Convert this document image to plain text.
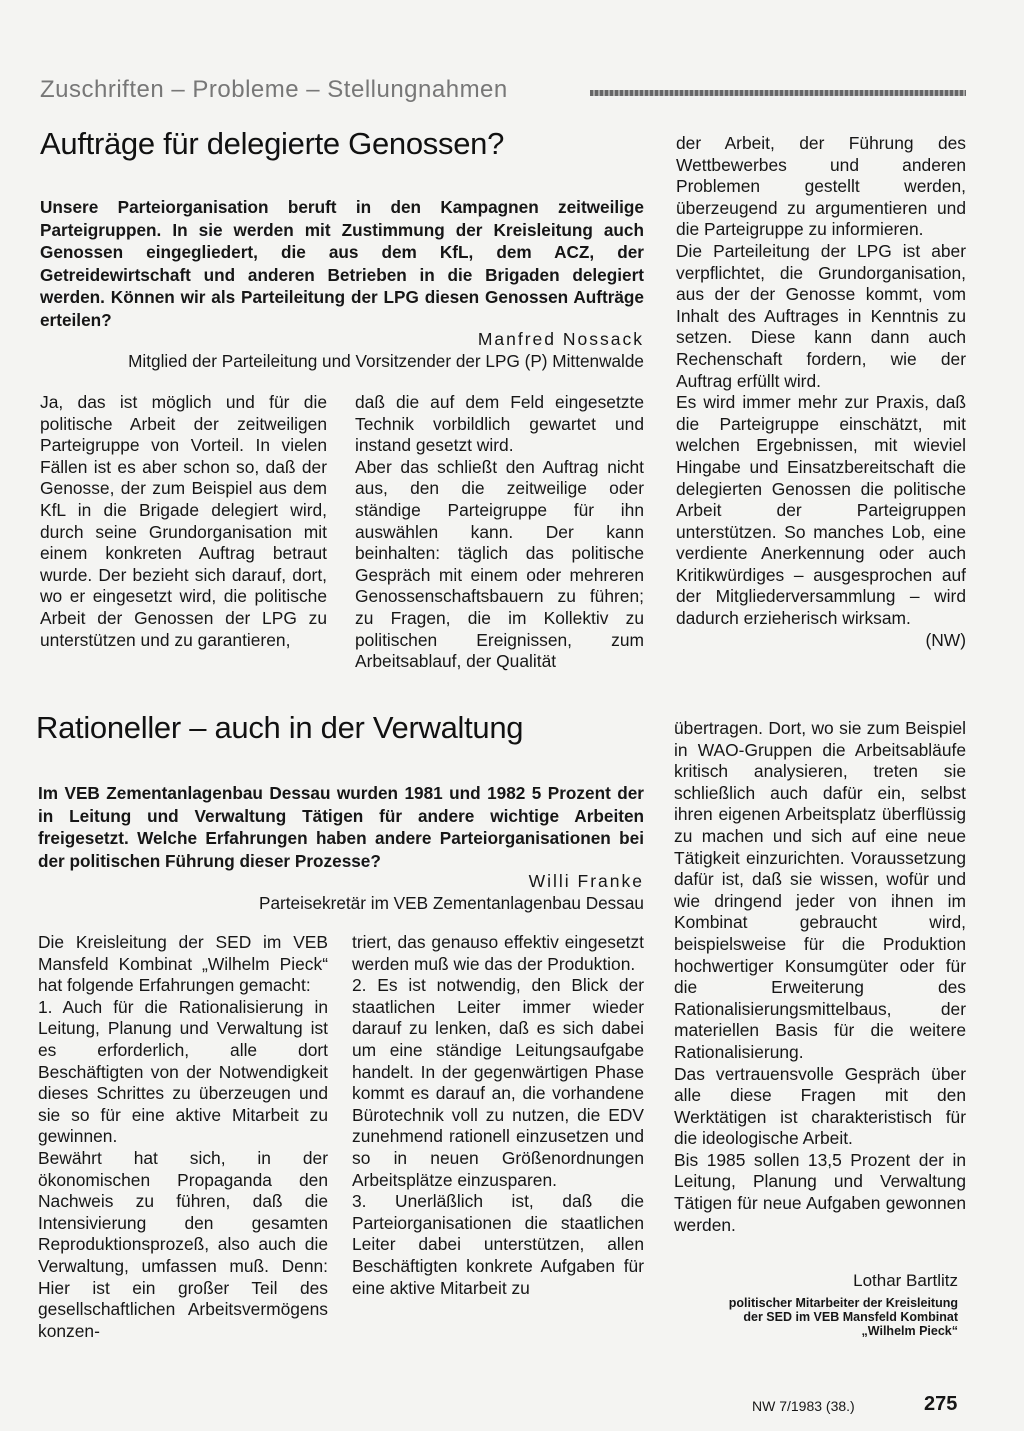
Zuschriften – Probleme – Stellungnahmen
Aufträge für delegierte Genossen?

Unsere Parteiorganisation beruft in den Kampagnen zeitweilige Parteigruppen. In sie werden mit Zustimmung der Kreisleitung auch Genossen eingegliedert, die aus dem KfL, dem ACZ, der Getreidewirtschaft und anderen Betrieben in die Brigaden delegiert werden. Können wir als Parteileitung der LPG diesen Genossen Aufträge erteilen?

Manfred Nossack
Mitglied der Parteileitung und Vorsitzender der LPG (P) Mittenwalde

Ja, das ist möglich und für die politische Arbeit der zeitweiligen Parteigruppe von Vorteil. In vielen Fällen ist es aber schon so, daß der Genosse, der zum Beispiel aus dem KfL in die Brigade delegiert wird, durch seine Grundorganisation mit einem konkreten Auftrag betraut wurde. Der bezieht sich darauf, dort, wo er eingesetzt wird, die politische Arbeit der Genossen der LPG zu unterstützen und zu garantieren,

daß die auf dem Feld eingesetzte Technik vorbildlich gewartet und instand gesetzt wird.

Aber das schließt den Auftrag nicht aus, den die zeitweilige oder ständige Parteigruppe für ihn auswählen kann. Der kann beinhalten: täglich das politische Gespräch mit einem oder mehreren Genossenschaftsbauern zu führen; zu Fragen, die im Kollektiv zu politischen Ereignissen, zum Arbeitsablauf, der Qualität

der Arbeit, der Führung des Wettbewerbes und anderen Problemen gestellt werden, überzeugend zu argumentieren und die Parteigruppe zu informieren.

Die Parteileitung der LPG ist aber verpflichtet, die Grundorganisation, aus der der Genosse kommt, vom Inhalt des Auftrages in Kenntnis zu setzen. Diese kann dann auch Rechenschaft fordern, wie der Auftrag erfüllt wird.

Es wird immer mehr zur Praxis, daß die Parteigruppe einschätzt, mit welchen Ergebnissen, mit wieviel Hingabe und Einsatzbereitschaft die delegierten Genossen die politische Arbeit der Parteigruppen unterstützen. So manches Lob, eine verdiente Anerkennung oder auch Kritikwürdiges – ausgesprochen auf der Mitgliederversammlung – wird dadurch erzieherisch wirksam.

(NW)
Rationeller – auch in der Verwaltung

Im VEB Zementanlagenbau Dessau wurden 1981 und 1982 5 Prozent der in Leitung und Verwaltung Tätigen für andere wichtige Arbeiten freigesetzt. Welche Erfahrungen haben andere Parteiorganisationen bei der politischen Führung dieser Prozesse?

Willi Franke
Parteisekretär im VEB Zementanlagenbau Dessau

Die Kreisleitung der SED im VEB Mansfeld Kombinat „Wilhelm Pieck“ hat folgende Erfahrungen gemacht:

1. Auch für die Rationalisierung in Leitung, Planung und Verwaltung ist es erforderlich, alle dort Beschäftigten von der Notwendigkeit dieses Schrittes zu überzeugen und sie so für eine aktive Mitarbeit zu gewinnen.

Bewährt hat sich, in der ökonomischen Propaganda den Nachweis zu führen, daß die Intensivierung den gesamten Reproduktionsprozeß, also auch die Verwaltung, umfassen muß. Denn: Hier ist ein großer Teil des gesellschaftlichen Arbeitsvermögens konzen-

triert, das genauso effektiv eingesetzt werden muß wie das der Produktion.

2. Es ist notwendig, den Blick der staatlichen Leiter immer wieder darauf zu lenken, daß es sich dabei um eine ständige Leitungsaufgabe handelt. In der gegenwärtigen Phase kommt es darauf an, die vorhandene Bürotechnik voll zu nutzen, die EDV zunehmend rationell einzusetzen und so in neuen Größenordnungen Arbeitsplätze einzusparen.

3. Unerläßlich ist, daß die Parteiorganisationen die staatlichen Leiter dabei unterstützen, allen Beschäftigten konkrete Aufgaben für eine aktive Mitarbeit zu

übertragen. Dort, wo sie zum Beispiel in WAO-Gruppen die Arbeitsabläufe kritisch analysieren, treten sie schließlich auch dafür ein, selbst ihren eigenen Arbeitsplatz überflüssig zu machen und sich auf eine neue Tätigkeit einzurichten. Voraussetzung dafür ist, daß sie wissen, wofür und wie dringend jeder von ihnen im Kombinat gebraucht wird, beispielsweise für die Produktion hochwertiger Konsumgüter oder für die Erweiterung des Rationalisierungsmittelbaus, der materiellen Basis für die weitere Rationalisierung.

Das vertrauensvolle Gespräch über alle diese Fragen mit den Werktätigen ist charakteristisch für die ideologische Arbeit.

Bis 1985 sollen 13,5 Prozent der in Leitung, Planung und Verwaltung Tätigen für neue Aufgaben gewonnen werden.

Lothar Bartlitz
politischer Mitarbeiter der Kreisleitung
der SED im VEB Mansfeld Kombinat
„Wilhelm Pieck“
NW 7/1983 (38.)	275
